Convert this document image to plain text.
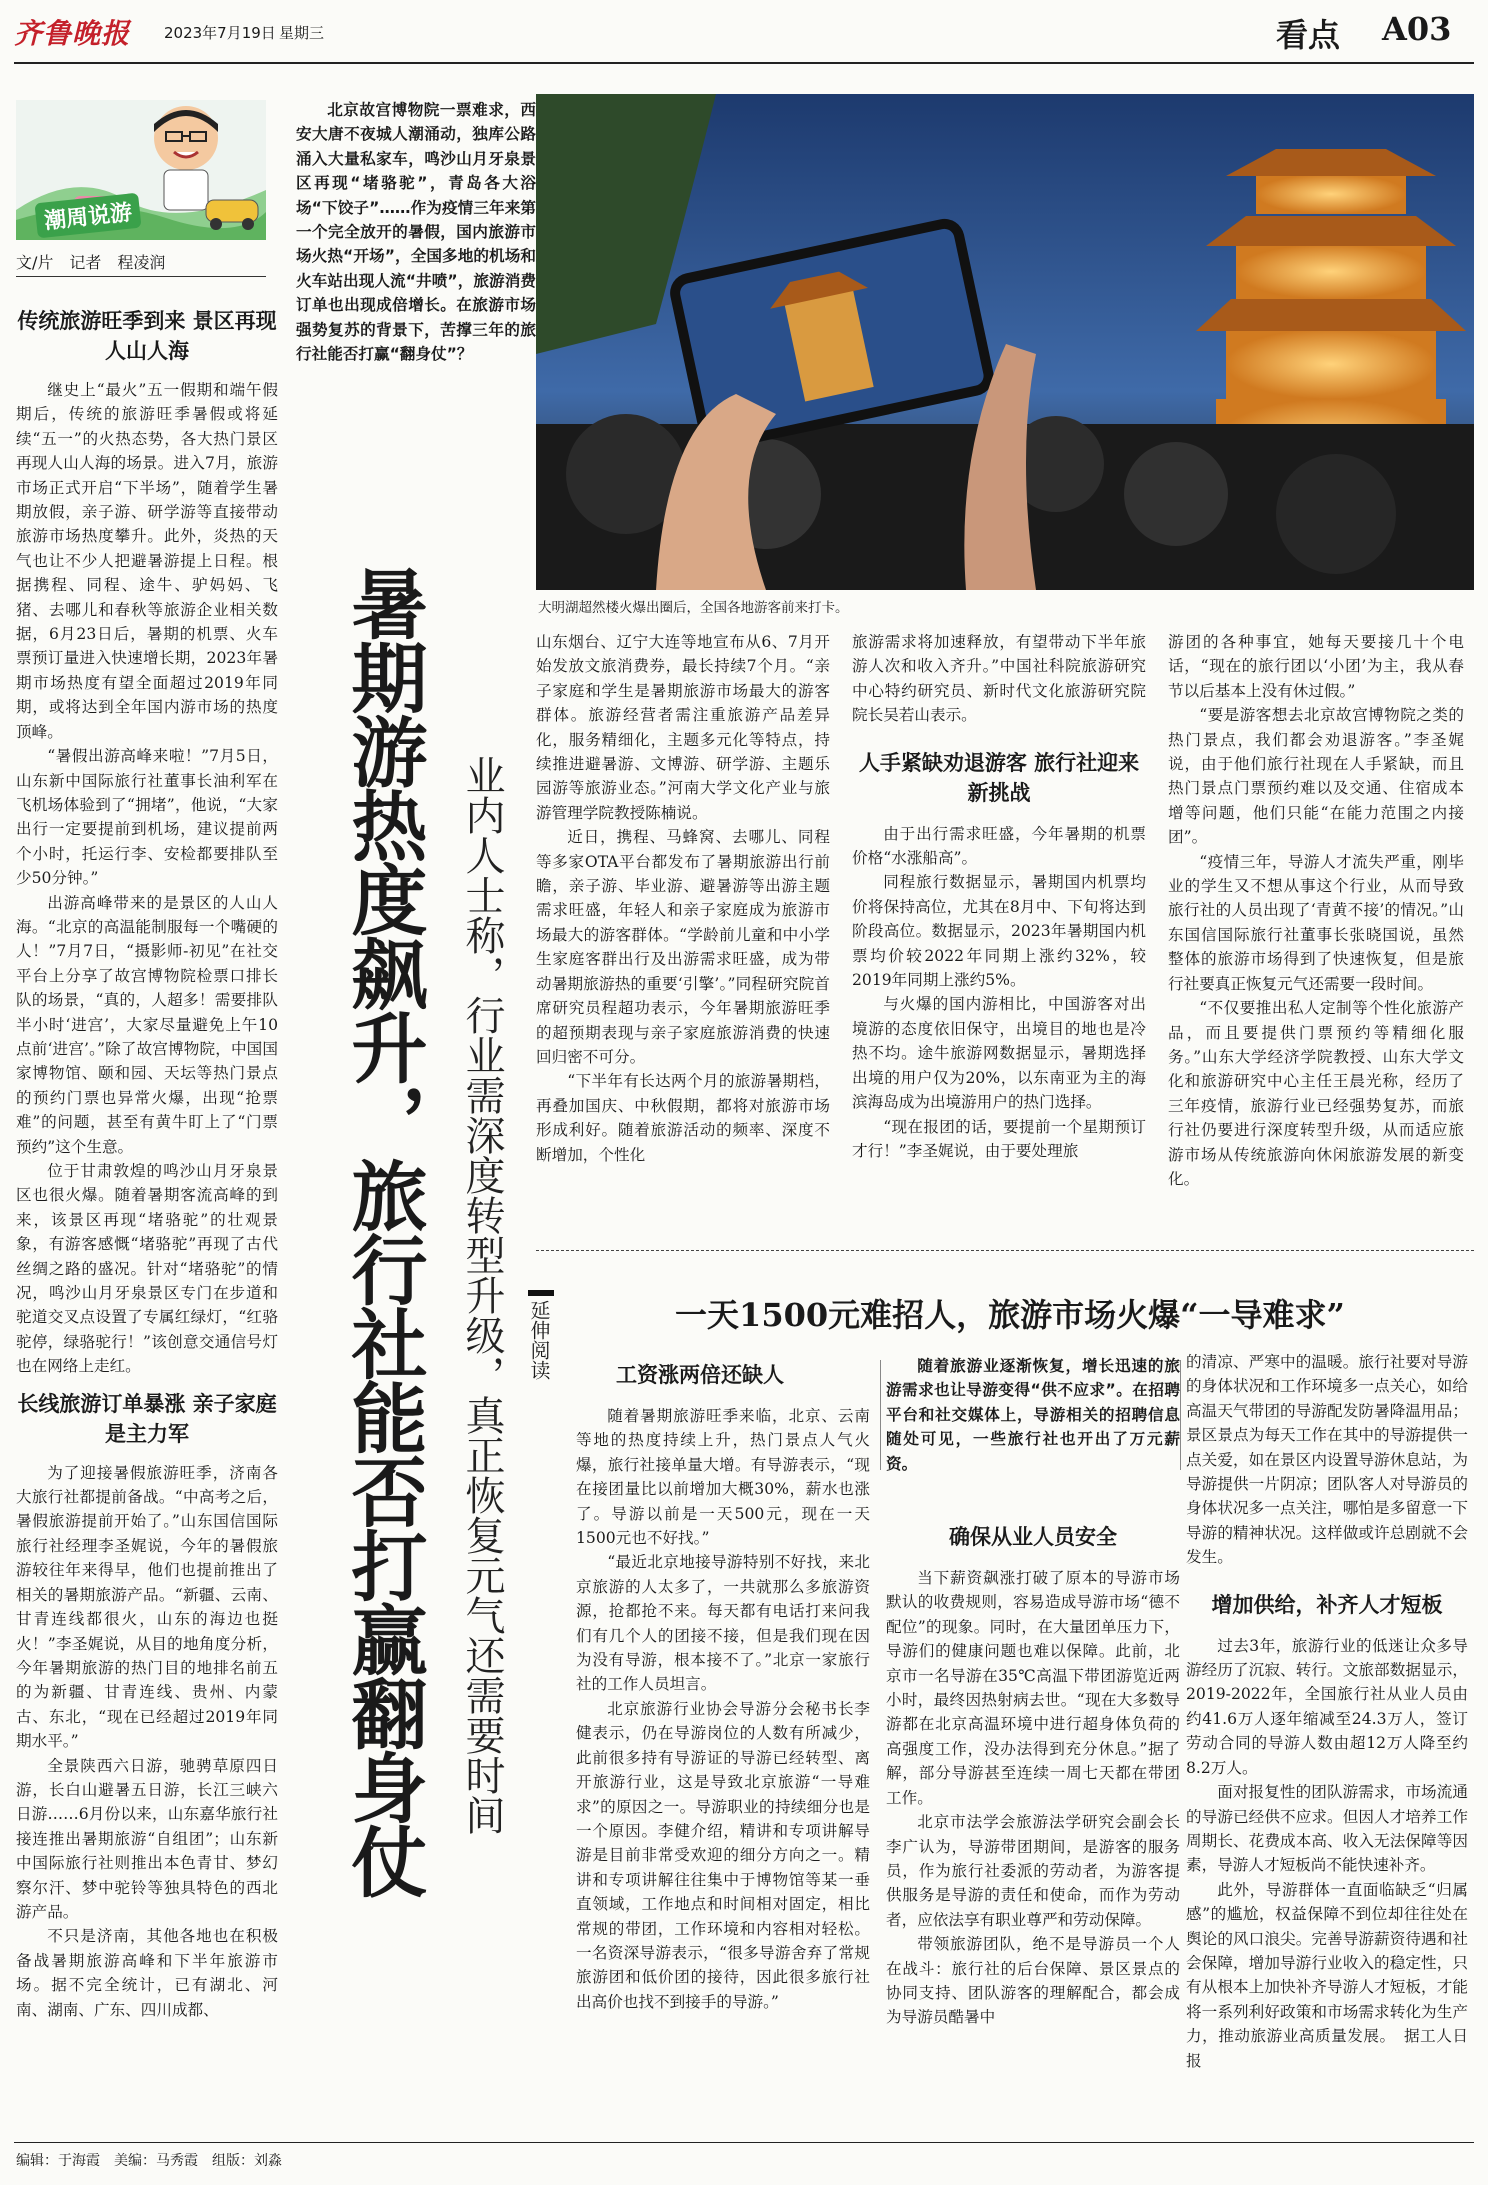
齐鲁晚报 2023年7月19日 星期三	看点 A03
潮周说游
文/片　记者　程凌润
传统旅游旺季到来 景区再现人山人海

继史上“最火”五一假期和端午假期后，传统的旅游旺季暑假或将延续“五一”的火热态势，各大热门景区再现人山人海的场景。进入7月，旅游市场正式开启“下半场”，随着学生暑期放假，亲子游、研学游等直接带动旅游市场热度攀升。此外，炎热的天气也让不少人把避暑游提上日程。根据携程、同程、途牛、驴妈妈、飞猪、去哪儿和春秋等旅游企业相关数据，6月23日后，暑期的机票、火车票预订量进入快速增长期，2023年暑期市场热度有望全面超过2019年同期，或将达到全年国内游市场的热度顶峰。

“暑假出游高峰来啦！”7月5日，山东新中国际旅行社董事长油利军在飞机场体验到了“拥堵”，他说，“大家出行一定要提前到机场，建议提前两个小时，托运行李、安检都要排队至少50分钟。”

出游高峰带来的是景区的人山人海。“北京的高温能制服每一个嘴硬的人！”7月7日，“摄影师-初见”在社交平台上分享了故宫博物院检票口排长队的场景，“真的，人超多！需要排队半小时‘进宫’，大家尽量避免上午10点前‘进宫’。”除了故宫博物院，中国国家博物馆、颐和园、天坛等热门景点的预约门票也异常火爆，出现“抢票难”的问题，甚至有黄牛盯上了“门票预约”这个生意。

位于甘肃敦煌的鸣沙山月牙泉景区也很火爆。随着暑期客流高峰的到来，该景区再现“堵骆驼”的壮观景象，有游客感慨“堵骆驼”再现了古代丝绸之路的盛况。针对“堵骆驼”的情况，鸣沙山月牙泉景区专门在步道和驼道交叉点设置了专属红绿灯，“红骆驼停，绿骆驼行！”该创意交通信号灯也在网络上走红。

长线旅游订单暴涨 亲子家庭是主力军

为了迎接暑假旅游旺季，济南各大旅行社都提前备战。“中高考之后，暑假旅游提前开始了。”山东国信国际旅行社经理李圣娓说，今年的暑假旅游较往年来得早，他们也提前推出了相关的暑期旅游产品。“新疆、云南、甘青连线都很火，山东的海边也挺火！”李圣娓说，从目的地角度分析，今年暑期旅游的热门目的地排名前五的为新疆、甘青连线、贵州、内蒙古、东北，“现在已经超过2019年同期水平。”

全景陕西六日游，驰骋草原四日游，长白山避暑五日游，长江三峡六日游……6月份以来，山东嘉华旅行社接连推出暑期旅游“自组团”；山东新中国际旅行社则推出本色青甘、梦幻察尔汗、梦中驼铃等独具特色的西北游产品。

不只是济南，其他各地也在积极备战暑期旅游高峰和下半年旅游市场。据不完全统计，已有湖北、河南、湖南、广东、四川成都、

北京故宫博物院一票难求，西安大唐不夜城人潮涌动，独库公路涌入大量私家车，鸣沙山月牙泉景区再现“堵骆驼”，青岛各大浴场“下饺子”……作为疫情三年来第一个完全放开的暑假，国内旅游市场火热“开场”，全国多地的机场和火车站出现人流“井喷”，旅游消费订单也出现成倍增长。在旅游市场强势复苏的背景下，苦撑三年的旅行社能否打赢“翻身仗”？

暑期游热度飙升，旅行社能否打赢翻身仗 业内人士称，行业需深度转型升级，真正恢复元气还需要时间
大明湖超然楼火爆出圈后，全国各地游客前来打卡。

山东烟台、辽宁大连等地宣布从6、7月开始发放文旅消费券，最长持续7个月。“亲子家庭和学生是暑期旅游市场最大的游客群体。旅游经营者需注重旅游产品差异化，服务精细化，主题多元化等特点，持续推进避暑游、文博游、研学游、主题乐园游等旅游业态。”河南大学文化产业与旅游管理学院教授陈楠说。

近日，携程、马蜂窝、去哪儿、同程等多家OTA平台都发布了暑期旅游出行前瞻，亲子游、毕业游、避暑游等出游主题需求旺盛，年轻人和亲子家庭成为旅游市场最大的游客群体。“学龄前儿童和中小学生家庭客群出行及出游需求旺盛，成为带动暑期旅游热的重要‘引擎’。”同程研究院首席研究员程超功表示，今年暑期旅游旺季的超预期表现与亲子家庭旅游消费的快速回归密不可分。

“下半年有长达两个月的旅游暑期档，再叠加国庆、中秋假期，都将对旅游市场形成利好。随着旅游活动的频率、深度不断增加，个性化

旅游需求将加速释放，有望带动下半年旅游人次和收入齐升。”中国社科院旅游研究中心特约研究员、新时代文化旅游研究院院长吴若山表示。

人手紧缺劝退游客 旅行社迎来新挑战

由于出行需求旺盛，今年暑期的机票价格“水涨船高”。

同程旅行数据显示，暑期国内机票均价将保持高位，尤其在8月中、下旬将达到阶段高位。数据显示，2023年暑期国内机票均价较2022年同期上涨约32%，较2019年同期上涨约5%。

与火爆的国内游相比，中国游客对出境游的态度依旧保守，出境目的地也是冷热不均。途牛旅游网数据显示，暑期选择出境的用户仅为20%，以东南亚为主的海滨海岛成为出境游用户的热门选择。

“现在报团的话，要提前一个星期预订才行！”李圣娓说，由于要处理旅

游团的各种事宜，她每天要接几十个电话，“现在的旅行团以‘小团’为主，我从春节以后基本上没有休过假。”

“要是游客想去北京故宫博物院之类的热门景点，我们都会劝退游客。”李圣娓说，由于他们旅行社现在人手紧缺，而且热门景点门票预约难以及交通、住宿成本增等问题，他们只能“在能力范围之内接团”。

“疫情三年，导游人才流失严重，刚毕业的学生又不想从事这个行业，从而导致旅行社的人员出现了‘青黄不接’的情况。”山东国信国际旅行社董事长张晓国说，虽然整体的旅游市场得到了快速恢复，但是旅行社要真正恢复元气还需要一段时间。

“不仅要推出私人定制等个性化旅游产品，而且要提供门票预约等精细化服务。”山东大学经济学院教授、山东大学文化和旅游研究中心主任王晨光称，经历了三年疫情，旅游行业已经强势复苏，而旅行社仍要进行深度转型升级，从而适应旅游市场从传统旅游向休闲旅游发展的新变化。

延伸阅读	一天1500元难招人，旅游市场火爆“一导难求”
工资涨两倍还缺人

随着暑期旅游旺季来临，北京、云南等地的热度持续上升，热门景点人气火爆，旅行社接单量大增。有导游表示，“现在接团量比以前增加大概30%，薪水也涨了。导游以前是一天500元，现在一天1500元也不好找。”

“最近北京地接导游特别不好找，来北京旅游的人太多了，一共就那么多旅游资源，抢都抢不来。每天都有电话打来问我们有几个人的团接不接，但是我们现在因为没有导游，根本接不了。”北京一家旅行社的工作人员坦言。

北京旅游行业协会导游分会秘书长李健表示，仍在导游岗位的人数有所减少，此前很多持有导游证的导游已经转型、离开旅游行业，这是导致北京旅游“一导难求”的原因之一。导游职业的持续细分也是一个原因。李健介绍，精讲和专项讲解导游是目前非常受欢迎的细分方向之一。精讲和专项讲解往往集中于博物馆等某一垂直领域，工作地点和时间相对固定，相比常规的带团，工作环境和内容相对轻松。一名资深导游表示，“很多导游舍弃了常规旅游团和低价团的接待，因此很多旅行社出高价也找不到接手的导游。”

随着旅游业逐渐恢复，增长迅速的旅游需求也让导游变得“供不应求”。在招聘平台和社交媒体上，导游相关的招聘信息随处可见，一些旅行社也开出了万元薪资。

确保从业人员安全

当下薪资飙涨打破了原本的导游市场默认的收费规则，容易造成导游市场“德不配位”的现象。同时，在大量团单压力下，导游们的健康问题也难以保障。此前，北京市一名导游在35℃高温下带团游览近两小时，最终因热射病去世。“现在大多数导游都在北京高温环境中进行超身体负荷的高强度工作，没办法得到充分休息。”据了解，部分导游甚至连续一周七天都在带团工作。

北京市法学会旅游法学研究会副会长李广认为，导游带团期间，是游客的服务员，作为旅行社委派的劳动者，为游客提供服务是导游的责任和使命，而作为劳动者，应依法享有职业尊严和劳动保障。

带领旅游团队，绝不是导游员一个人在战斗：旅行社的后台保障、景区景点的协同支持、团队游客的理解配合，都会成为导游员酷暑中

的清凉、严寒中的温暖。旅行社要对导游的身体状况和工作环境多一点关心，如给高温天气带团的导游配发防暑降温用品；景区景点为每天工作在其中的导游提供一点关爱，如在景区内设置导游休息站，为导游提供一片阴凉；团队客人对导游员的身体状况多一点关注，哪怕是多留意一下导游的精神状况。这样做或许总剧就不会发生。

增加供给，补齐人才短板

过去3年，旅游行业的低迷让众多导游经历了沉寂、转行。文旅部数据显示，2019-2022年，全国旅行社从业人员由约41.6万人逐年缩减至24.3万人，签订劳动合同的导游人数由超12万人降至约8.2万人。

面对报复性的团队游需求，市场流通的导游已经供不应求。但因人才培养工作周期长、花费成本高、收入无法保障等因素，导游人才短板尚不能快速补齐。

此外，导游群体一直面临缺乏“归属感”的尴尬，权益保障不到位却往往处在舆论的风口浪尖。完善导游薪资待遇和社会保障，增加导游行业收入的稳定性，只有从根本上加快补齐导游人才短板，才能将一系列利好政策和市场需求转化为生产力，推动旅游业高质量发展。　据工人日报

编辑：于海霞　美编：马秀霞　组版：刘淼
